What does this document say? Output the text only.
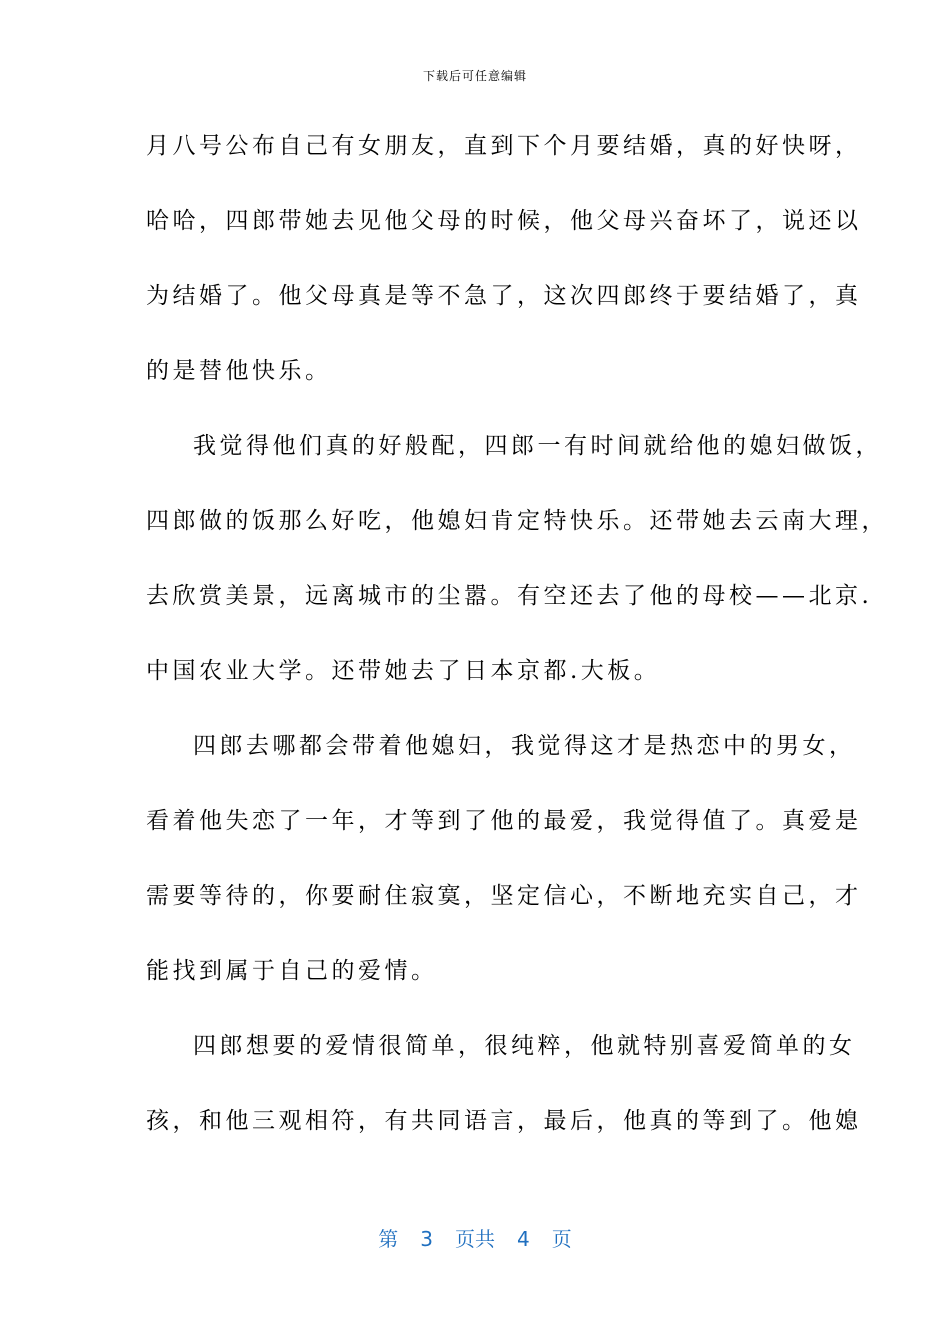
下载后可任意编辑
月八号公布自己有女朋友，直到下个月要结婚，真的好快呀，
哈哈，四郎带她去见他父母的时候，他父母兴奋坏了，说还以
为结婚了。他父母真是等不急了，这次四郎终于要结婚了，真
的是替他快乐。
我觉得他们真的好般配，四郎一有时间就给他的媳妇做饭，
四郎做的饭那么好吃，他媳妇肯定特快乐。还带她去云南大理，
去欣赏美景，远离城市的尘嚣。有空还去了他的母校——北京.
中国农业大学。还带她去了日本京都.大板。
四郎去哪都会带着他媳妇，我觉得这才是热恋中的男女，
看着他失恋了一年，才等到了他的最爱，我觉得值了。真爱是
需要等待的，你要耐住寂寞，坚定信心，不断地充实自己，才
能找到属于自己的爱情。
四郎想要的爱情很简单，很纯粹，他就特别喜爱简单的女
孩，和他三观相符，有共同语言，最后，他真的等到了。他媳
第 3 页共 4 页
